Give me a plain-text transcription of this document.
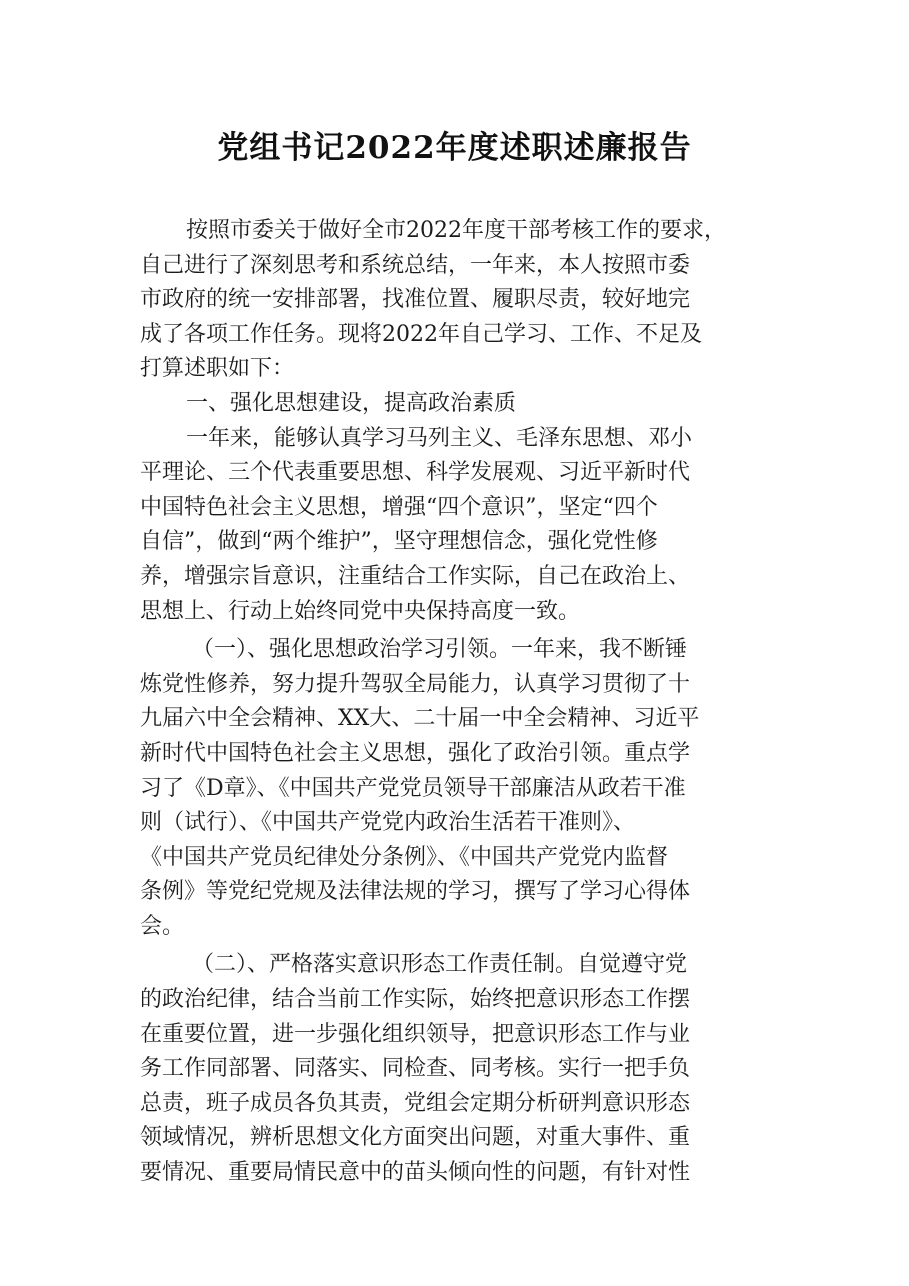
党组书记2022年度述职述廉报告
按照市委关于做好全市2022年度干部考核工作的要求，
自己进行了深刻思考和系统总结，一年来，本人按照市委
市政府的统一安排部署，找准位置、履职尽责，较好地完
成了各项工作任务。现将2022年自己学习、工作、不足及
打算述职如下：
一、强化思想建设，提高政治素质
一年来，能够认真学习马列主义、毛泽东思想、邓小
平理论、三个代表重要思想、科学发展观、习近平新时代
中国特色社会主义思想，增强“四个意识”，坚定“四个
自信”，做到“两个维护”，坚守理想信念，强化党性修
养，增强宗旨意识，注重结合工作实际，自己在政治上、
思想上、行动上始终同党中央保持高度一致。
（一）、强化思想政治学习引领。一年来，我不断锤
炼党性修养，努力提升驾驭全局能力，认真学习贯彻了十
九届六中全会精神、XX大、二十届一中全会精神、习近平
新时代中国特色社会主义思想，强化了政治引领。重点学
习了《D章》、《中国共产党党员领导干部廉洁从政若干准
则（试行）、《中国共产党党内政治生活若干准则》、
《中国共产党员纪律处分条例》、《中国共产党党内监督
条例》等党纪党规及法律法规的学习，撰写了学习心得体
会。
（二）、严格落实意识形态工作责任制。自觉遵守党
的政治纪律，结合当前工作实际，始终把意识形态工作摆
在重要位置，进一步强化组织领导，把意识形态工作与业
务工作同部署、同落实、同检查、同考核。实行一把手负
总责，班子成员各负其责，党组会定期分析研判意识形态
领域情况，辨析思想文化方面突出问题，对重大事件、重
要情况、重要局情民意中的苗头倾向性的问题，有针对性
